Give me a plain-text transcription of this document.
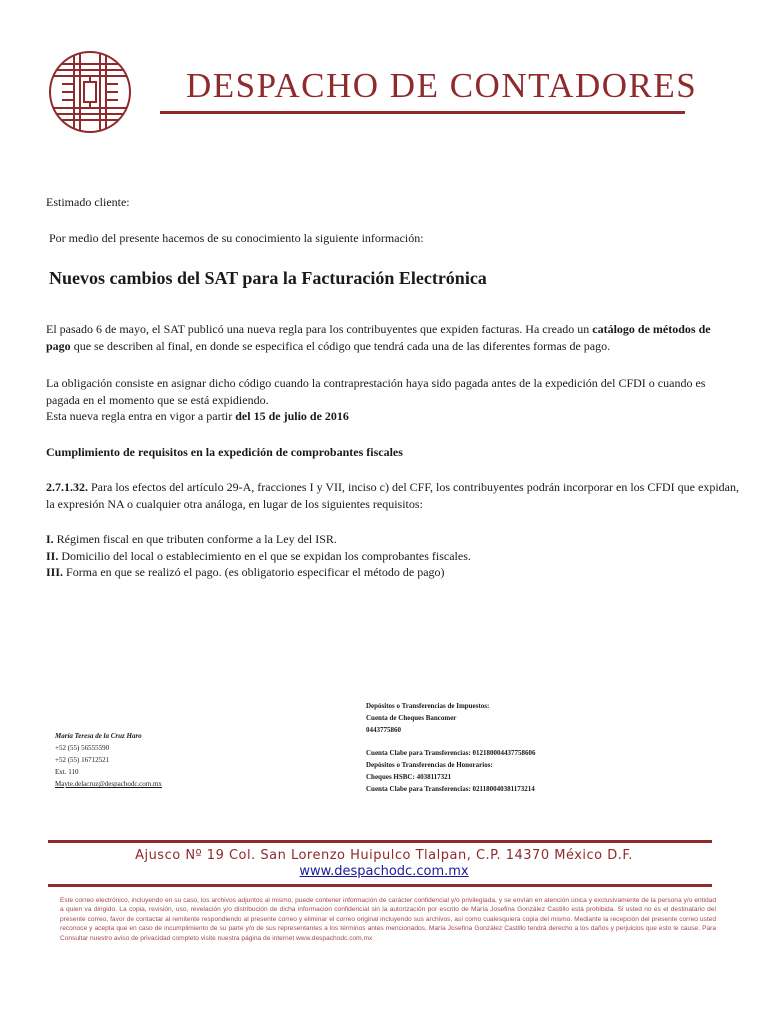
DESPACHO DE CONTADORES
Estimado cliente:
Por medio del presente hacemos de su conocimiento la siguiente información:
Nuevos cambios del SAT para la Facturación Electrónica
El pasado 6 de mayo, el SAT publicó una nueva regla para los contribuyentes que expiden facturas. Ha creado un catálogo de métodos de pago que se describen al final, en donde se especifica el código que tendrá cada una de las diferentes formas de pago.
La obligación consiste en asignar dicho código cuando la contraprestación haya sido pagada antes de la expedición del CFDI o cuando es pagada en el momento que se está expidiendo.
Esta nueva regla entra en vigor a partir del 15 de julio de 2016
Cumplimiento de requisitos en la expedición de comprobantes fiscales
2.7.1.32. Para los efectos del artículo 29-A, fracciones I y VII, inciso c) del CFF, los contribuyentes podrán incorporar en los CFDI que expidan, la expresión NA o cualquier otra análoga, en lugar de los siguientes requisitos:
I. Régimen fiscal en que tributen conforme a la Ley del ISR.
II. Domicilio del local o establecimiento en el que se expidan los comprobantes fiscales.
III. Forma en que se realizó el pago. (es obligatorio especificar el método de pago)
María Teresa de la Cruz Haro
+52 (55) 56555590
+52 (55) 16712521
Ext. 110
Mayte.delacruz@despachodc.com.mx
Depósitos o Transferencias de Impuestos:
Cuenta de Cheques Bancomer
0443775860
Cuenta Clabe para Transferencias: 012180004437758606
Depósitos o Transferencias de Honorarios:
Cheques HSBC: 4038117321
Cuenta Clabe para Transferencias: 021180040381173214
Ajusco Nº 19 Col. San Lorenzo Huipulco Tlalpan, C.P. 14370 México D.F.
www.despachodc.com.mx
Este correo electrónico, incluyendo en su caso, los archivos adjuntos al mismo, puede contener información de carácter confidencial y/o privilegiada, y se envían en atención única y exclusivamente de la persona y/o entidad a quien va dirigido. La copia, revisión, uso, revelación y/o distribución de dicha información confidencial sin la autorización por escrito de María Josefina González Castillo está prohibida. Si usted no es el destinatario del presente correo, favor de contactar al remitente respondiendo al presente correo y eliminar el correo original incluyendo sus archivos, así como cualesquiera copia del mismo. Mediante la recepción del presente correo usted reconoce y acepta que en caso de incumplimiento de su parte y/o de sus representantes a los términos antes mencionados, María Josefina González Castillo tendrá derecho a los daños y perjuicios que esto le cause. Para Consultar nuestro aviso de privacidad completo visite nuestra página de internet www.despachodc.com.mx
